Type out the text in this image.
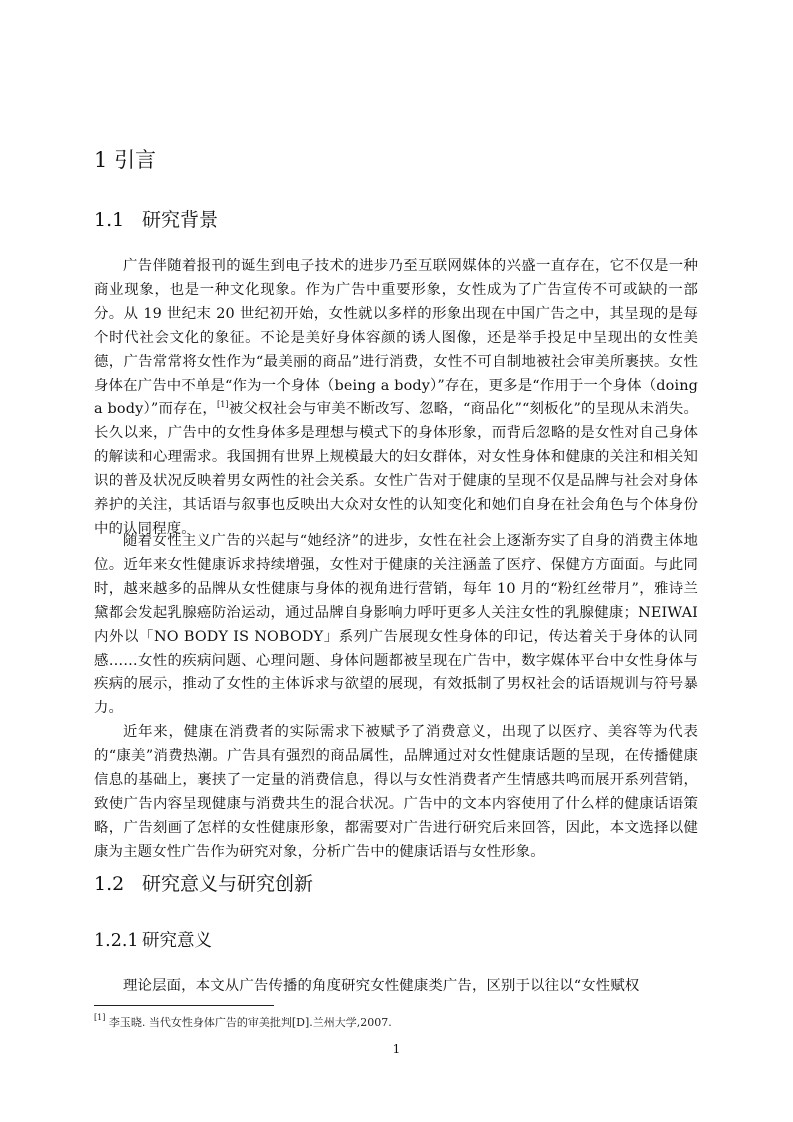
1 引言
1.1 研究背景

广告伴随着报刊的诞生到电子技术的进步乃至互联网媒体的兴盛一直存在，它不仅是一种商业现象，也是一种文化现象。作为广告中重要形象，女性成为了广告宣传不可或缺的一部分。从 19 世纪末 20 世纪初开始，女性就以多样的形象出现在中国广告之中，其呈现的是每个时代社会文化的象征。不论是美好身体容颜的诱人图像，还是举手投足中呈现出的女性美德，广告常常将女性作为“最美丽的商品”进行消费，女性不可自制地被社会审美所裹挟。女性身体在广告中不单是“作为一个身体（being a body）”存在，更多是“作用于一个身体（doing a body）”而存在，[1]被父权社会与审美不断改写、忽略，“商品化”“刻板化”的呈现从未消失。长久以来，广告中的女性身体多是理想与模式下的身体形象，而背后忽略的是女性对自己身体的解读和心理需求。我国拥有世界上规模最大的妇女群体，对女性身体和健康的关注和相关知识的普及状况反映着男女两性的社会关系。女性广告对于健康的呈现不仅是品牌与社会对身体养护的关注，其话语与叙事也反映出大众对女性的认知变化和她们自身在社会角色与个体身份中的认同程度。

随着女性主义广告的兴起与“她经济”的进步，女性在社会上逐渐夯实了自身的消费主体地位。近年来女性健康诉求持续增强，女性对于健康的关注涵盖了医疗、保健方方面面。与此同时，越来越多的品牌从女性健康与身体的视角进行营销，每年 10 月的“粉红丝带月”，雅诗兰黛都会发起乳腺癌防治运动，通过品牌自身影响力呼吁更多人关注女性的乳腺健康；NEIWAI 内外以「NO BODY IS NOBODY」系列广告展现女性身体的印记，传达着关于身体的认同感……女性的疾病问题、心理问题、身体问题都被呈现在广告中，数字媒体平台中女性身体与疾病的展示，推动了女性的主体诉求与欲望的展现，有效抵制了男权社会的话语规训与符号暴力。

近年来，健康在消费者的实际需求下被赋予了消费意义，出现了以医疗、美容等为代表的“康美”消费热潮。广告具有强烈的商品属性，品牌通过对女性健康话题的呈现，在传播健康信息的基础上，裹挟了一定量的消费信息，得以与女性消费者产生情感共鸣而展开系列营销，致使广告内容呈现健康与消费共生的混合状况。广告中的文本内容使用了什么样的健康话语策略，广告刻画了怎样的女性健康形象，都需要对广告进行研究后来回答，因此，本文选择以健康为主题女性广告作为研究对象，分析广告中的健康话语与女性形象。

1.2 研究意义与研究创新
1.2.1 研究意义

理论层面，本文从广告传播的角度研究女性健康类广告，区别于以往以“女性赋权

[1] 李玉晓. 当代女性身体广告的审美批判[D].兰州大学,2007.
1
